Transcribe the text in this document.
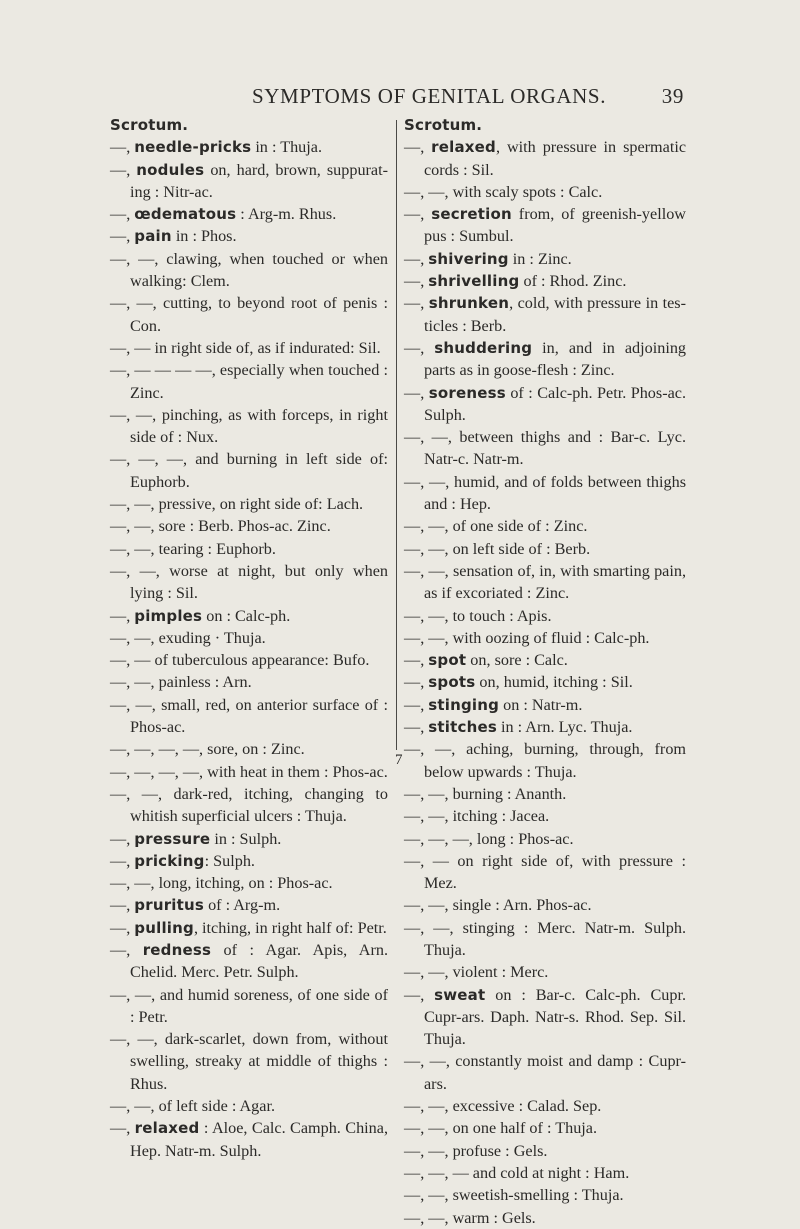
SYMPTOMS OF GENITAL ORGANS.	39

Scrotum.

—, needle-pricks in : Thuja.

—, nodules on, hard, brown, suppurat-ing : Nitr-ac.

—, œdematous : Arg-m. Rhus.

—, pain in : Phos.

—, —, clawing, when touched or when walking: Clem.

—, —, cutting, to beyond root of penis : Con.

—, — in right side of, as if indurated: Sil.

—, — — — —, especially when touched : Zinc.

—, —, pinching, as with forceps, in right side of : Nux.

—, —, —, and burning in left side of: Euphorb.

—, —, pressive, on right side of: Lach.

—, —, sore : Berb. Phos-ac. Zinc.

—, —, tearing : Euphorb.

—, —, worse at night, but only when lying : Sil.

—, pimples on : Calc-ph.

—, —, exuding · Thuja.

—, — of tuberculous appearance: Bufo.

—, —, painless : Arn.

—, —, small, red, on anterior surface of : Phos-ac.

—, —, —, —, sore, on : Zinc.

—, —, —, —, with heat in them : Phos-ac.

—, —, dark-red, itching, changing to whitish superficial ulcers : Thuja.

—, pressure in : Sulph.

—, pricking: Sulph.

—, —, long, itching, on : Phos-ac.

—, pruritus of : Arg-m.

—, pulling, itching, in right half of: Petr.

—, redness of : Agar. Apis, Arn. Chelid. Merc. Petr. Sulph.

—, —, and humid soreness, of one side of : Petr.

—, —, dark-scarlet, down from, without swelling, streaky at middle of thighs : Rhus.

—, —, of left side : Agar.

—, relaxed : Aloe, Calc. Camph. China, Hep. Natr-m. Sulph.

Scrotum.

—, relaxed, with pressure in spermatic cords : Sil.

—, —, with scaly spots : Calc.

—, secretion from, of greenish-yellow pus : Sumbul.

—, shivering in : Zinc.

—, shrivelling of : Rhod. Zinc.

—, shrunken, cold, with pressure in tes-ticles : Berb.

—, shuddering in, and in adjoining parts as in goose-flesh : Zinc.

—, soreness of : Calc-ph. Petr. Phos-ac. Sulph.

—, —, between thighs and : Bar-c. Lyc. Natr-c. Natr-m.

—, —, humid, and of folds between thighs and : Hep.

—, —, of one side of : Zinc.

—, —, on left side of : Berb.

—, —, sensation of, in, with smarting pain, as if excoriated : Zinc.

—, —, to touch : Apis.

—, —, with oozing of fluid : Calc-ph.

—, spot on, sore : Calc.

—, spots on, humid, itching : Sil.

—, stinging on : Natr-m.

—, stitches in : Arn. Lyc. Thuja.

—, —, aching, burning, through, from below upwards : Thuja.

—, —, burning : Ananth.

—, —, itching : Jacea.

—, —, —, long : Phos-ac.

—, — on right side of, with pressure : Mez.

—, —, single : Arn. Phos-ac.

—, —, stinging : Merc. Natr-m. Sulph. Thuja.

—, —, violent : Merc.

—, sweat on : Bar-c. Calc-ph. Cupr. Cupr-ars. Daph. Natr-s. Rhod. Sep. Sil. Thuja.

—, —, constantly moist and damp : Cupr-ars.

—, —, excessive : Calad. Sep.

—, —, on one half of : Thuja.

—, —, profuse : Gels.

—, —, — and cold at night : Ham.

—, —, sweetish-smelling : Thuja.

—, —, warm : Gels.

7
